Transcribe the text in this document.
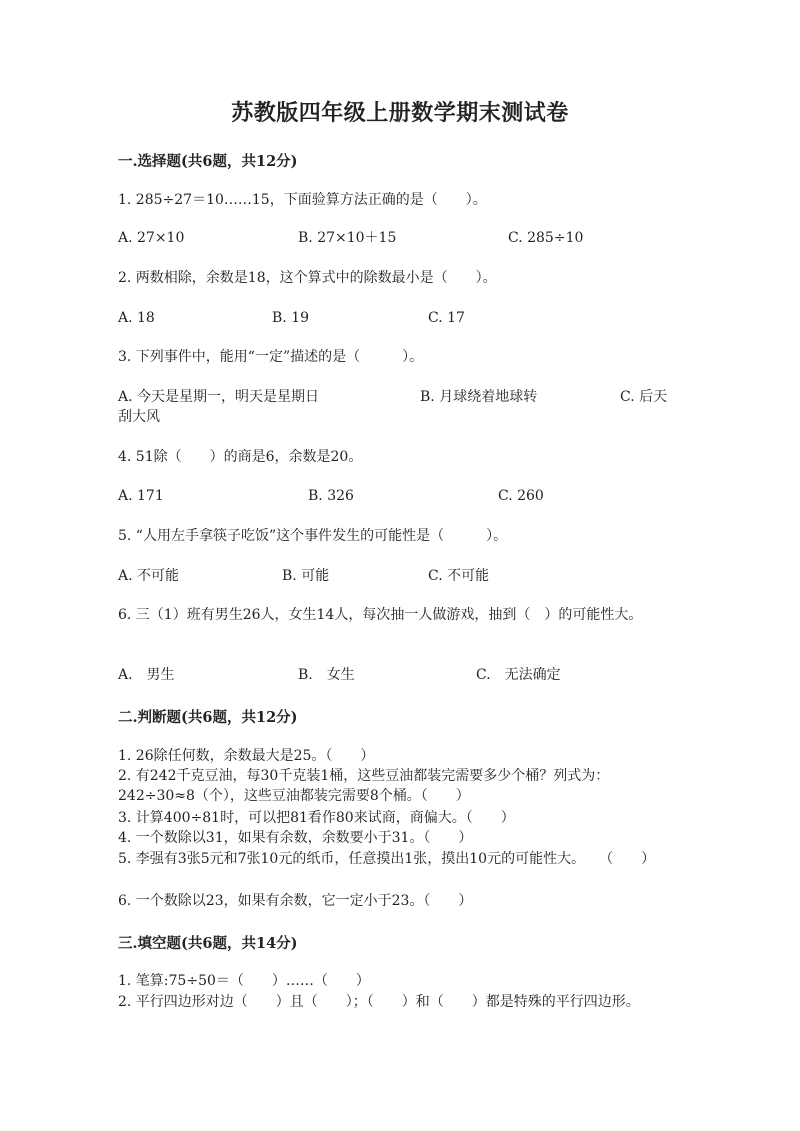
苏教版四年级上册数学期末测试卷
一.选择题(共6题，共12分)
1. 285÷27＝10……15，下面验算方法正确的是（　　）。
A. 27×10	B. 27×10＋15	C. 285÷10
2. 两数相除，余数是18，这个算式中的除数最小是（　　）。
A. 18	B. 19	C. 17
3. 下列事件中，能用“一定”描述的是（　　　）。
A. 今天是星期一，明天是星期日	B. 月球绕着地球转	C. 后天
刮大风
4. 51除（　　）的商是6，余数是20。
A. 171	B. 326	C. 260
5. “人用左手拿筷子吃饭”这个事件发生的可能性是（　　　）。
A. 不可能	B. 可能	C. 不可能
6. 三（1）班有男生26人，女生14人，每次抽一人做游戏，抽到（　）的可能性大。
A.　男生	B.　女生	C.　无法确定
二.判断题(共6题，共12分)
1. 26除任何数，余数最大是25。（　　）
2. 有242千克豆油，每30千克装1桶，这些豆油都装完需要多少个桶？列式为：242÷30≈8（个），这些豆油都装完需要8个桶。（　　）
3. 计算400÷81时，可以把81看作80来试商，商偏大。（　　）
4. 一个数除以31，如果有余数，余数要小于31。（　　）
5. 李强有3张5元和7张10元的纸币，任意摸出1张，摸出10元的可能性大。　　（　　）
6. 一个数除以23，如果有余数，它一定小于23。（　　）
三.填空题(共6题，共14分)
1. 笔算:75÷50＝（　　）……（　　）
2. 平行四边形对边（　　）且（　　）；（　　）和（　　）都是特殊的平行四边形。
